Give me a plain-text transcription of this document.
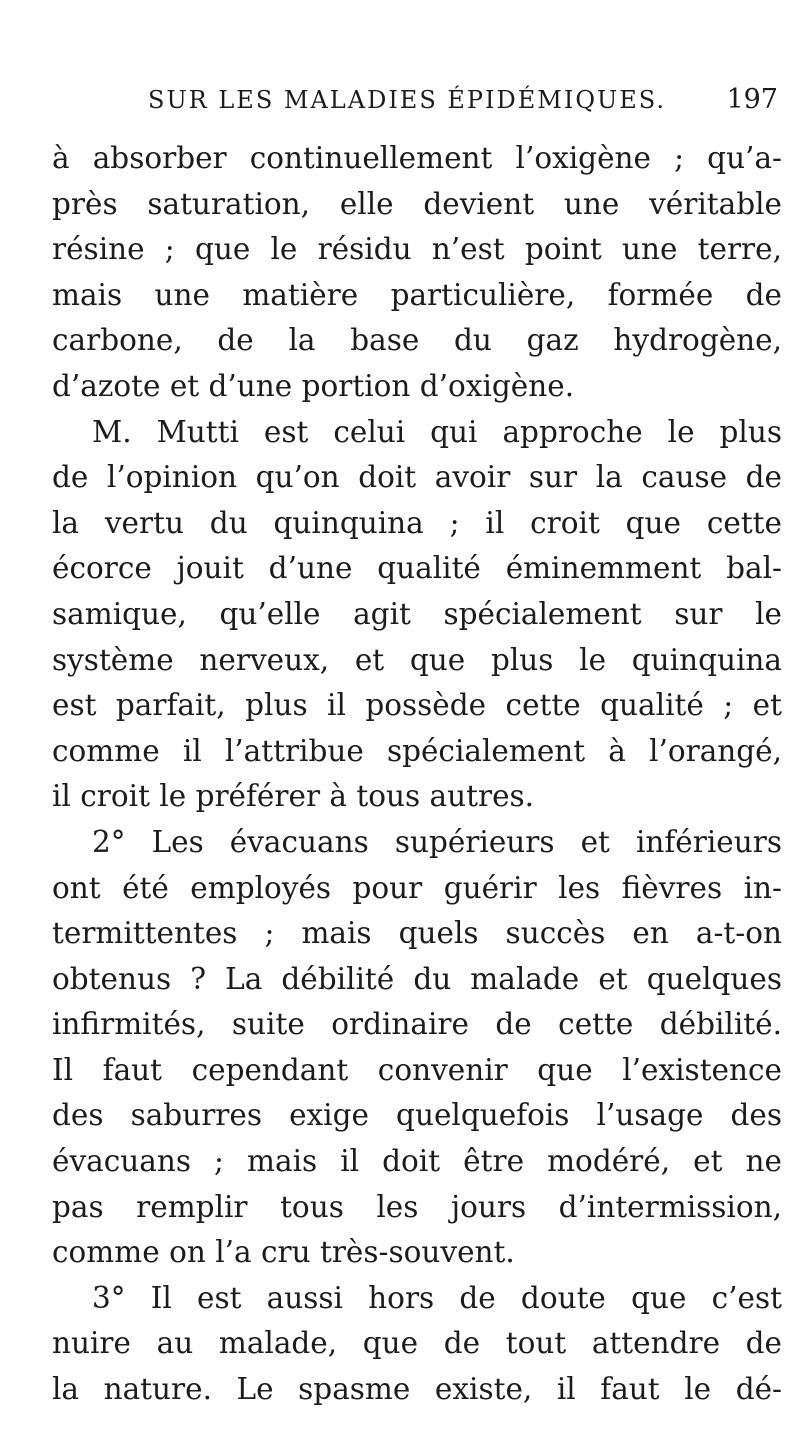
SUR LES MALADIES ÉPIDÉMIQUES. 197
à absorber continuellement l’oxigène ; qu’a-
près saturation, elle devient une véritable
résine ; que le résidu n’est point une terre,
mais une matière particulière, formée de
carbone, de la base du gaz hydrogène,
d’azote et d’une portion d’oxigène.
M. Mutti est celui qui approche le plus
de l’opinion qu’on doit avoir sur la cause de
la vertu du quinquina ; il croit que cette
écorce jouit d’une qualité éminemment bal-
samique, qu’elle agit spécialement sur le
système nerveux, et que plus le quinquina
est parfait, plus il possède cette qualité ; et
comme il l’attribue spécialement à l’orangé,
il croit le préférer à tous autres.
2° Les évacuans supérieurs et inférieurs
ont été employés pour guérir les fièvres in-
termittentes ; mais quels succès en a-t-on
obtenus ? La débilité du malade et quelques
infirmités, suite ordinaire de cette débilité.
Il faut cependant convenir que l’existence
des saburres exige quelquefois l’usage des
évacuans ; mais il doit être modéré, et ne
pas remplir tous les jours d’intermission,
comme on l’a cru très-souvent.
3° Il est aussi hors de doute que c’est
nuire au malade, que de tout attendre de
la nature. Le spasme existe, il faut le dé-
